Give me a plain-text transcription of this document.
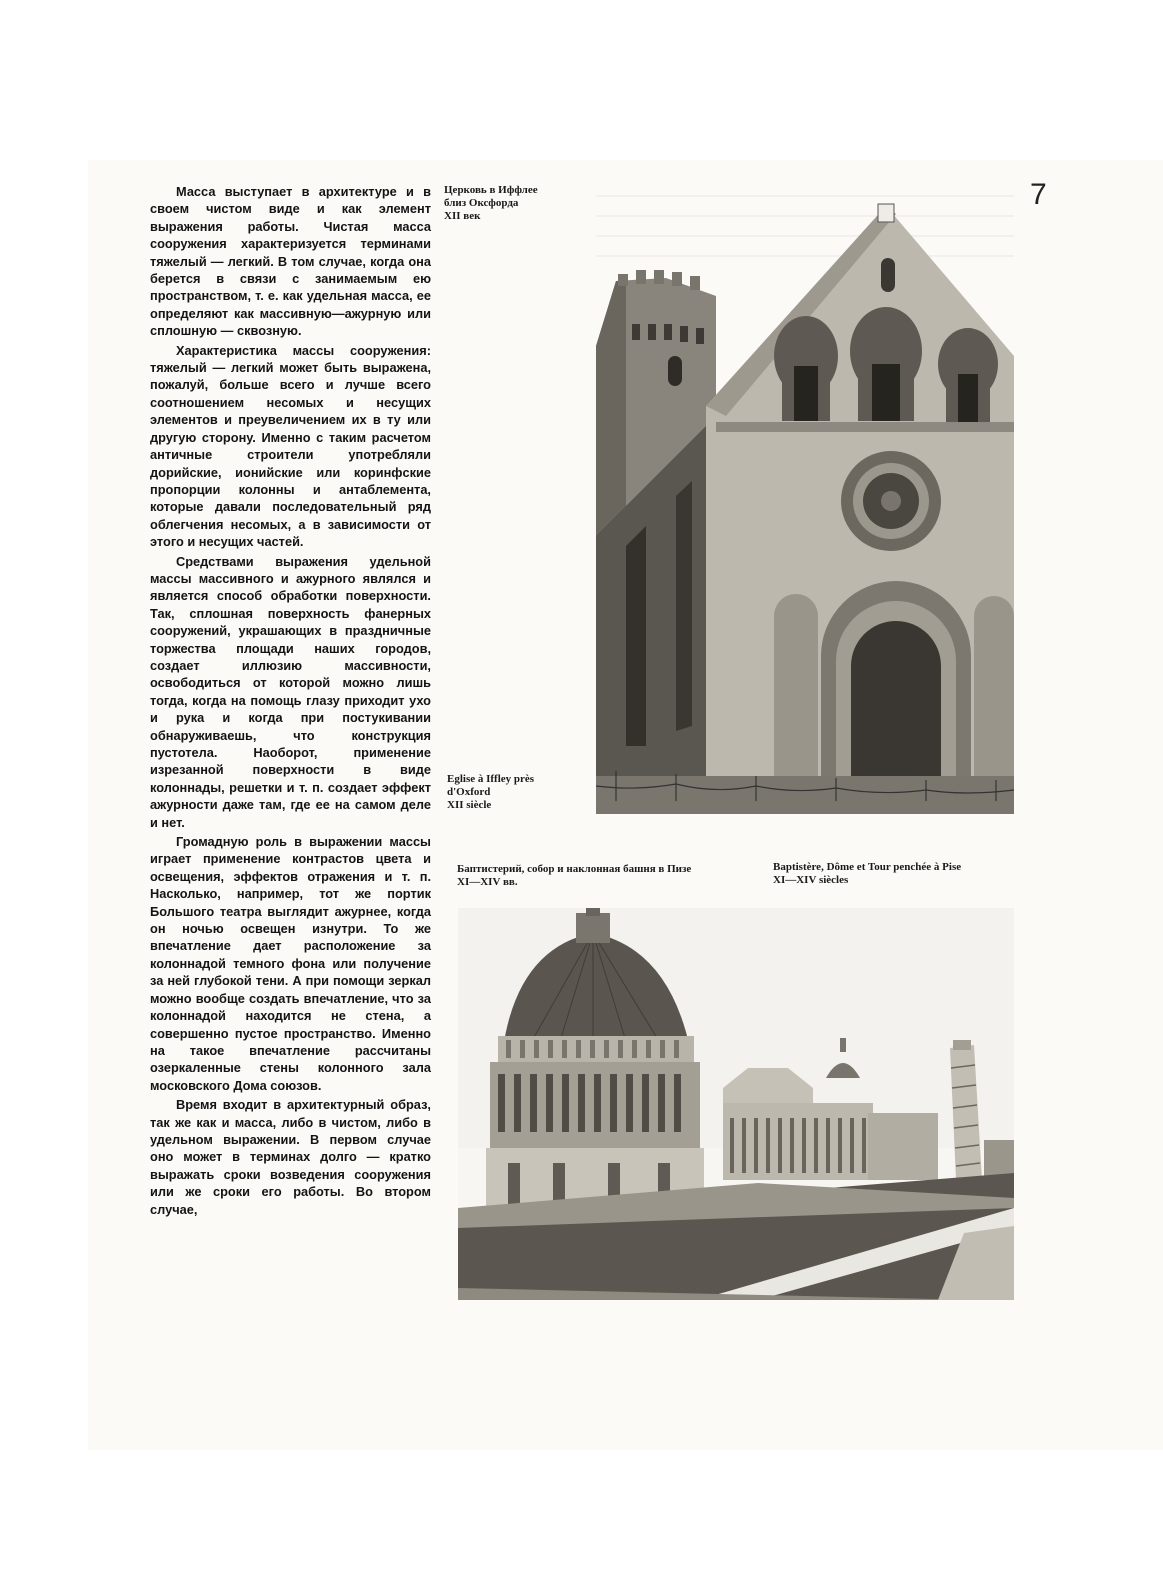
7

Масса выступает в архитектуре и в своем чистом виде и как элемент выражения работы. Чистая масса сооружения характеризуется терминами тяжелый — легкий. В том случае, когда она берется в связи с занимаемым ею пространством, т. е. как удельная масса, ее определяют как массивную—ажурную или сплошную — сквозную.

Характеристика массы сооружения: тяжелый — легкий может быть выражена, пожалуй, больше всего и лучше всего соотношением несомых и несущих элементов и преувеличением их в ту или другую сторону. Именно с таким расчетом античные строители употребляли дорийские, ионийские или коринфские пропорции колонны и антаблемента, которые давали последовательный ряд облегчения несомых, а в зависимости от этого и несущих частей.

Средствами выражения удельной массы массивного и ажурного являлся и является способ обработки поверхности. Так, сплошная поверхность фанерных сооружений, украшающих в праздничные торжества площади наших городов, создает иллюзию массивности, освободиться от которой можно лишь тогда, когда на помощь глазу приходит ухо и рука и когда при постукивании обнаруживаешь, что конструкция пустотела. Наоборот, применение изрезанной поверхности в виде колоннады, решетки и т. п. создает эффект ажурности даже там, где ее на самом деле и нет.

Громадную роль в выражении массы играет применение контрастов цвета и освещения, эффектов отражения и т. п. Насколько, например, тот же портик Большого театра выглядит ажурнее, когда он ночью освещен изнутри. То же впечатление дает расположение за колоннадой темного фона или получение за ней глубокой тени. А при помощи зеркал можно вообще создать впечатление, что за колоннадой находится не стена, а совершенно пустое пространство. Именно на такое впечатление рассчитаны озеркаленные стены колонного зала московского Дома союзов.

Время входит в архитектурный образ, так же как и масса, либо в чистом, либо в удельном выражении. В первом случае оно может в терминах долго — кратко выражать сроки возведения сооружения или же сроки его работы. Во втором случае,

Церковь в Иффлее
близ Оксфорда
XII век
Eglise à Iffley près
d'Oxford
XII siècle
Баптистерий, собор и наклонная башня в Пизе
XI—XIV вв.
Baptistère, Dôme et Tour penchée à Pise
XI—XIV siècles
